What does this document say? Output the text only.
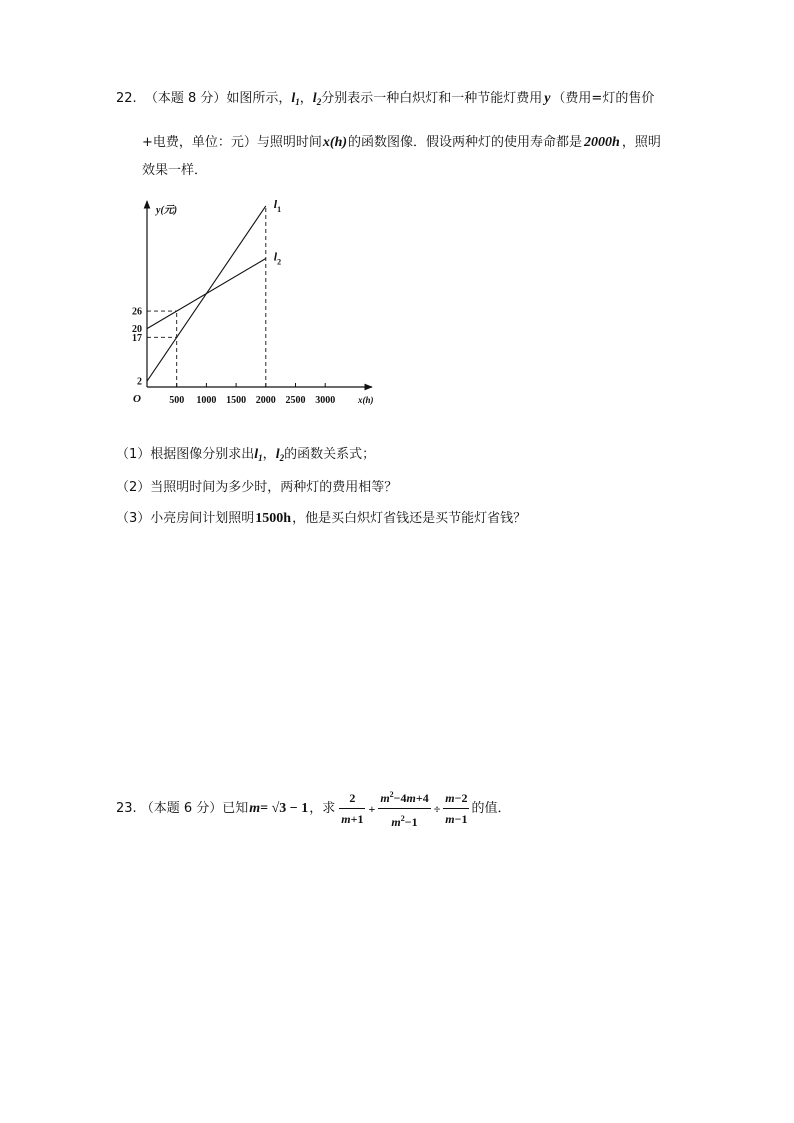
22. （本题 8 分）如图所示，$l_1$，$l_2$分别表示一种白炽灯和一种节能灯费用 y （费用=灯的售价
+电费，单位：元）与照明时间x(h)的函数图像．假设两种灯的使用寿命都是 2000h ，照明
效果一样．
y(元)
x(h)
O	500 1000 1500 2000 2500 3000
2
17
20
26
$l_1$
$l_2$
（1）根据图像分别求出$l_1$，$l_2$的函数关系式；
（2）当照明时间为多少时，两种灯的费用相等？
（3）小亮房间计划照明1500h，他是买白炽灯省钱还是买节能灯省钱？
23. （本题 6 分） 已知 m= √3 − 1 ，求 $\frac{2}{m+1} + \frac{m^2-4m+4}{m^2-1} \div \frac{m-2}{m-1}$ 的值．
